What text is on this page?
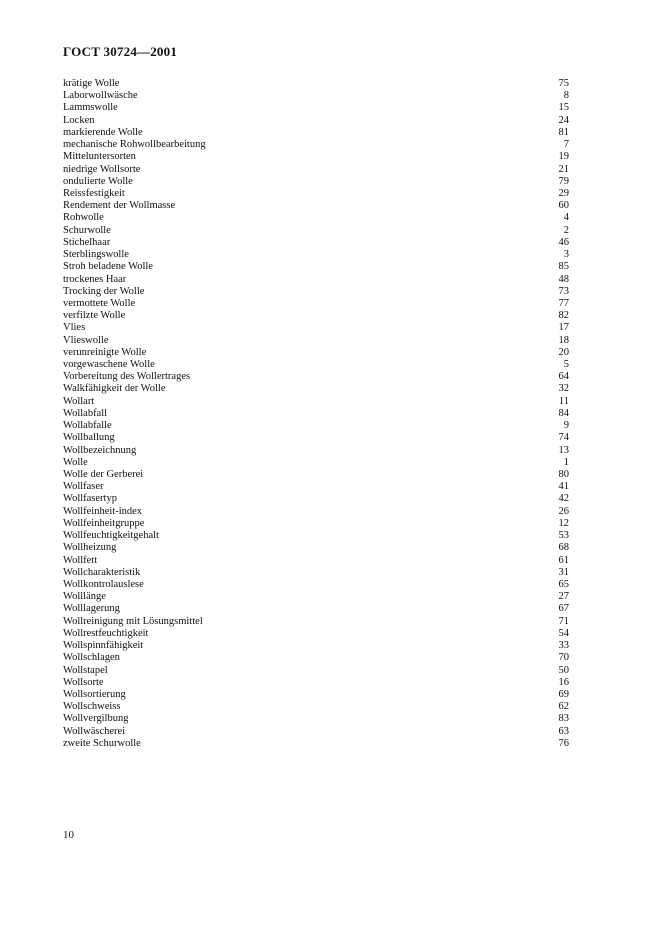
ГОСТ 30724—2001
krätige Wolle	75
Laborwollwäsche	8
Lammswolle	15
Locken	24
markierende Wolle	81
mechanische Rohwollbearbeitung	7
Mitteluntersorten	19
niedrige Wollsorte	21
ondulierte Wolle	79
Reissfestigkeit	29
Rendement der Wollmasse	60
Rohwolle	4
Schurwolle	2
Stichelhaar	46
Sterblingswolle	3
Stroh beladene Wolle	85
trockenes Haar	48
Trocking der Wolle	73
vermottete Wolle	77
verfilzte Wolle	82
Vlies	17
Vlieswolle	18
verunreinigte Wolle	20
vorgewaschene Wolle	5
Vorbereitung des Wollertrages	64
Walkfähigkeit der Wolle	32
Wollart	11
Wollabfall	84
Wollabfalle	9
Wollballung	74
Wollbezeichnung	13
Wolle	1
Wolle der Gerberei	80
Wollfaser	41
Wollfasertyp	42
Wollfeinheit-index	26
Wollfeinheitgruppe	12
Wollfeuchtigkeitgehalt	53
Wollheizung	68
Wollfett	61
Wollcharakteristik	31
Wollkontrolauslese	65
Wolllänge	27
Wolllagerung	67
Wollreinigung mit Lösungsmittel	71
Wollrestfeuchtigkeit	54
Wollspinnfähigkeit	33
Wollschlagen	70
Wollstapel	50
Wollsorte	16
Wollsortierung	69
Wollschweiss	62
Wollvergilbung	83
Wollwäscherei	63
zweite Schurwolle	76
10
